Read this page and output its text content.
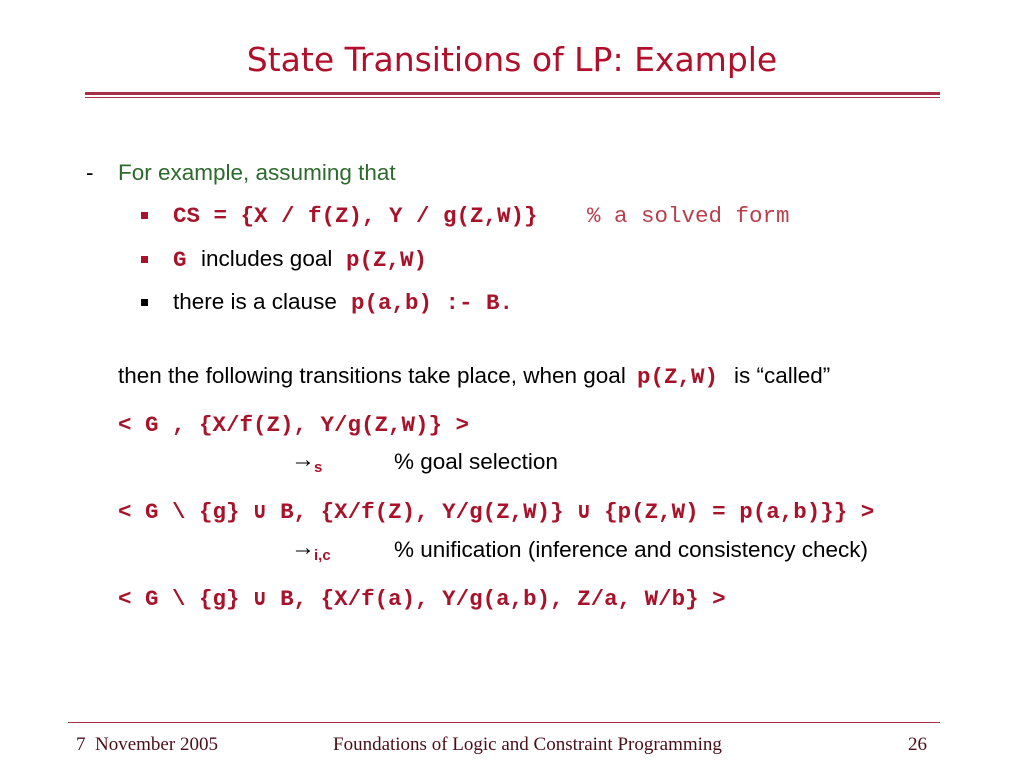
State Transitions of LP: Example
- For example, assuming that
CS = {X / f(Z), Y / g(Z,W)} % a solved form
G includes goal p(Z,W)
there is a clause p(a,b) :- B.
then the following transitions take place, when goal p(Z,W) is “called”
< G , {X/f(Z), Y/g(Z,W)} >
→ s	% goal selection
< G \ {g} ∪ B, {X/f(Z), Y/g(Z,W)} ∪ {p(Z,W) = p(a,b)}} >
→ i,c	% unification (inference and consistency check)
< G \ {g} ∪ B, {X/f(a), Y/g(a,b), Z/a, W/b} >
7  November 2005	Foundations of Logic and Constraint Programming	26
